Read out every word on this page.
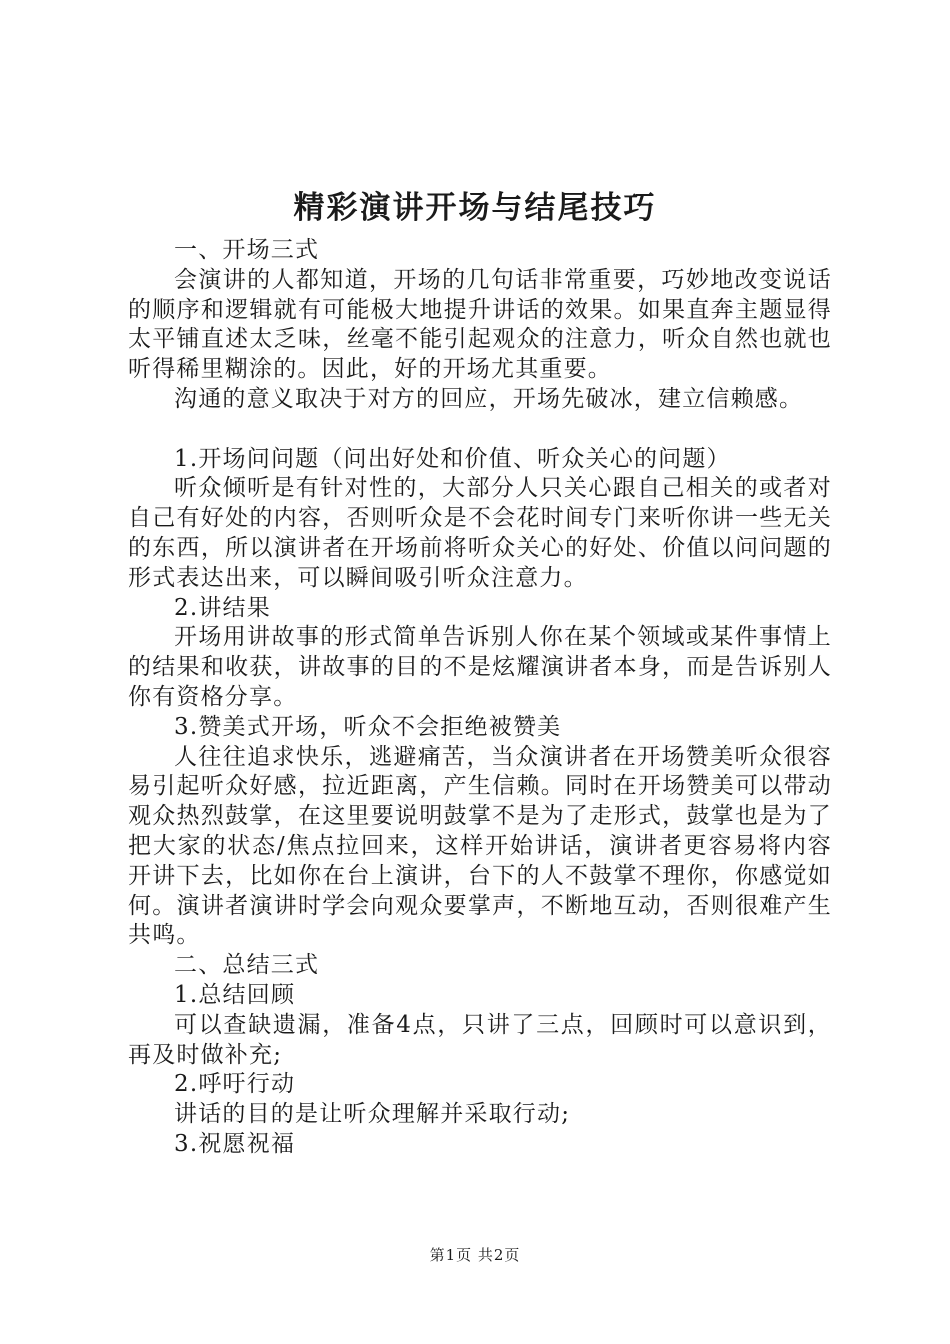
精彩演讲开场与结尾技巧

一、开场三式

会演讲的人都知道，开场的几句话非常重要，巧妙地改变说话的顺序和逻辑就有可能极大地提升讲话的效果。如果直奔主题显得太平铺直述太乏味，丝毫不能引起观众的注意力，听众自然也就也听得稀里糊涂的。因此，好的开场尤其重要。

沟通的意义取决于对方的回应，开场先破冰，建立信赖感。

1.开场问问题（问出好处和价值、听众关心的问题）

听众倾听是有针对性的，大部分人只关心跟自己相关的或者对自己有好处的内容，否则听众是不会花时间专门来听你讲一些无关的东西，所以演讲者在开场前将听众关心的好处、价值以问问题的形式表达出来，可以瞬间吸引听众注意力。

2.讲结果

开场用讲故事的形式简单告诉别人你在某个领域或某件事情上的结果和收获，讲故事的目的不是炫耀演讲者本身，而是告诉别人你有资格分享。

3.赞美式开场，听众不会拒绝被赞美

人往往追求快乐，逃避痛苦，当众演讲者在开场赞美听众很容易引起听众好感，拉近距离，产生信赖。同时在开场赞美可以带动观众热烈鼓掌，在这里要说明鼓掌不是为了走形式，鼓掌也是为了把大家的状态/焦点拉回来，这样开始讲话，演讲者更容易将内容开讲下去，比如你在台上演讲，台下的人不鼓掌不理你，你感觉如何。演讲者演讲时学会向观众要掌声，不断地互动，否则很难产生共鸣。

二、总结三式

1.总结回顾

可以查缺遗漏，准备4点，只讲了三点，回顾时可以意识到，再及时做补充;

2.呼吁行动

讲话的目的是让听众理解并采取行动;

3.祝愿祝福

第1页 共2页
